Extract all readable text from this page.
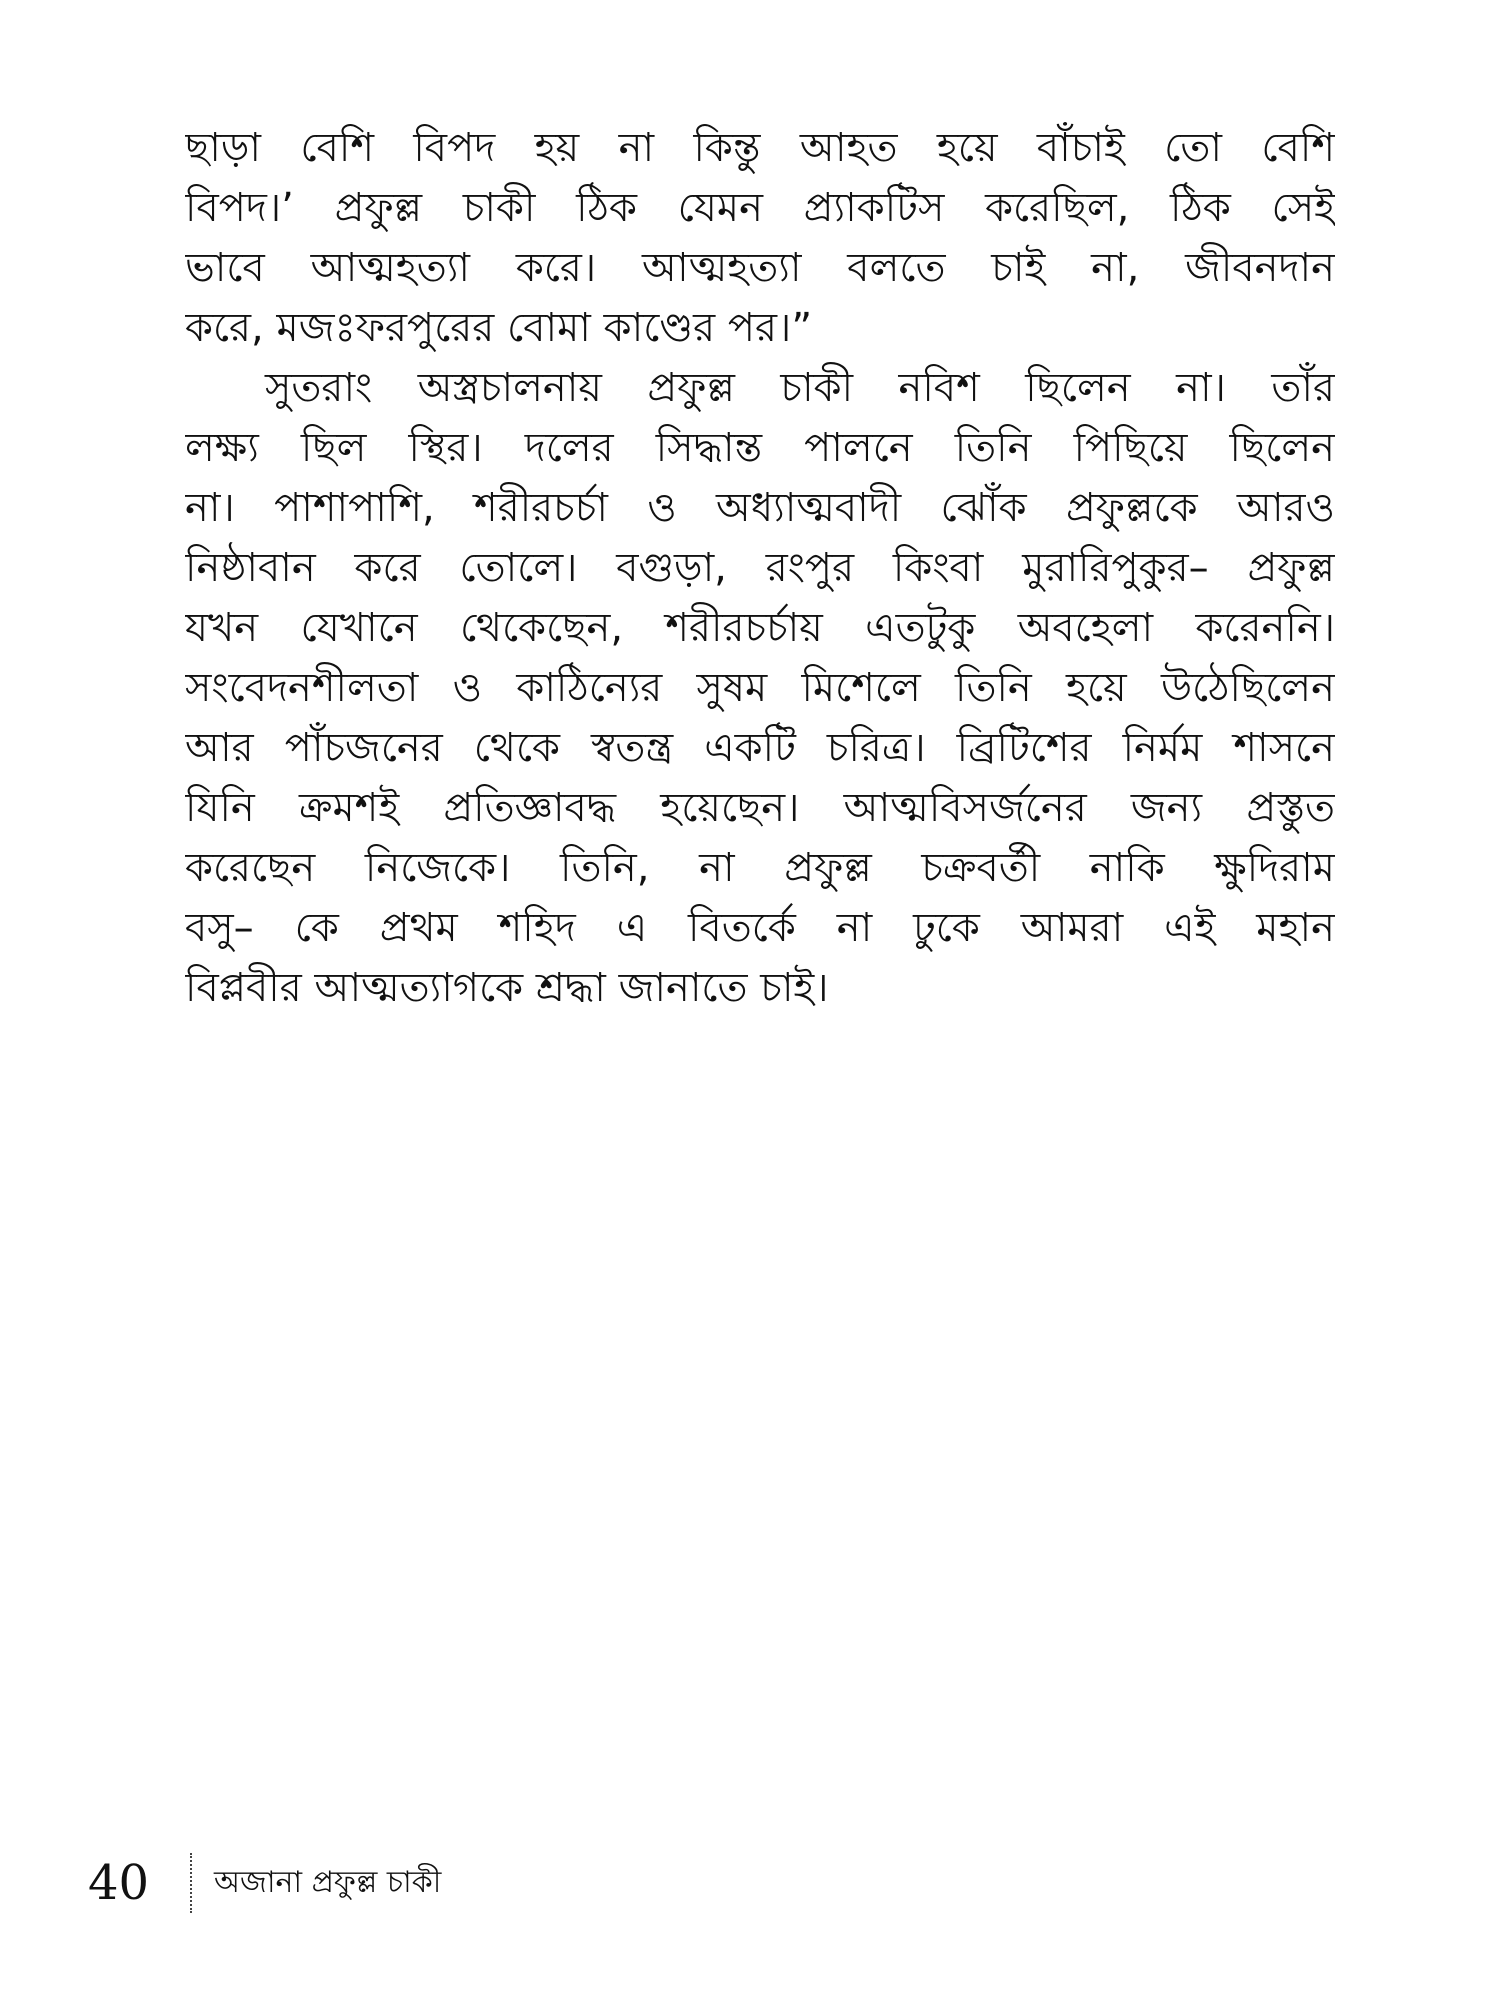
ছাড়া বেশি বিপদ হয় না কিন্তু আহত হয়ে বাঁচাই তো বেশি
বিপদ।’ প্রফুল্ল চাকী ঠিক যেমন প্র্যাকটিস করেছিল, ঠিক সেই
ভাবে আত্মহত্যা করে। আত্মহত্যা বলতে চাই না, জীবনদান
করে, মজঃফরপুরের বোমা কাণ্ডের পর।”
সুতরাং অস্ত্রচালনায় প্রফুল্ল চাকী নবিশ ছিলেন না। তাঁর
লক্ষ্য ছিল স্থির। দলের সিদ্ধান্ত পালনে তিনি পিছিয়ে ছিলেন
না। পাশাপাশি, শরীরচর্চা ও অধ্যাত্মবাদী ঝোঁক প্রফুল্লকে আরও
নিষ্ঠাবান করে তোলে। বগুড়া, রংপুর কিংবা মুরারিপুকুর– প্রফুল্ল
যখন যেখানে থেকেছেন, শরীরচর্চায় এতটুকু অবহেলা করেননি।
সংবেদনশীলতা ও কাঠিন্যের সুষম মিশেলে তিনি হয়ে উঠেছিলেন
আর পাঁচজনের থেকে স্বতন্ত্র একটি চরিত্র। ব্রিটিশের নির্মম শাসনে
যিনি ক্রমশই প্রতিজ্ঞাবদ্ধ হয়েছেন। আত্মবিসর্জনের জন্য প্রস্তুত
করেছেন নিজেকে। তিনি, না প্রফুল্ল চক্রবর্তী নাকি ক্ষুদিরাম
বসু– কে প্রথম শহিদ এ বিতর্কে না ঢুকে আমরা এই মহান
বিপ্লবীর আত্মত্যাগকে শ্রদ্ধা জানাতে চাই।
40 অজানা প্রফুল্ল চাকী
